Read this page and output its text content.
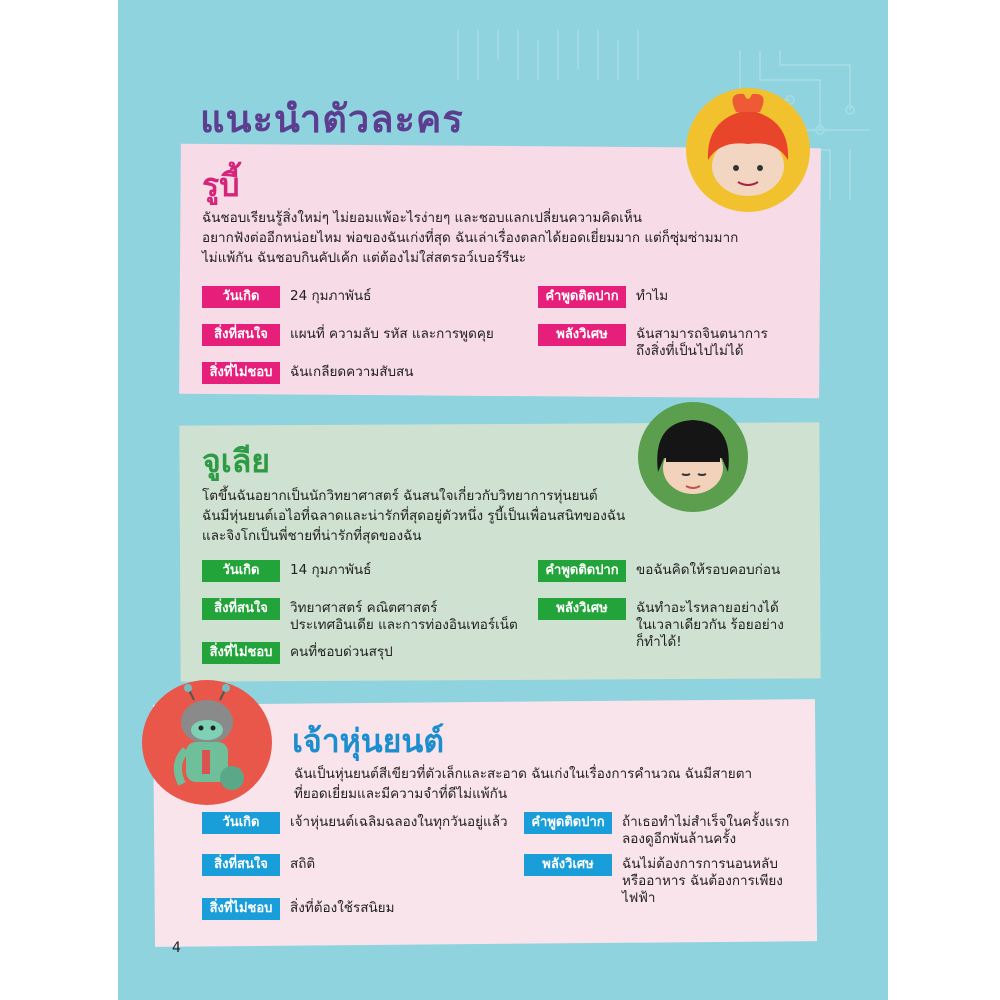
แนะนำตัวละคร
รูบี้
ฉันชอบเรียนรู้สิ่งใหม่ๆ ไม่ยอมแพ้อะไรง่ายๆ และชอบแลกเปลี่ยนความคิดเห็น
อยากฟังต่ออีกหน่อยไหม พ่อของฉันเก่งที่สุด ฉันเล่าเรื่องตลกได้ยอดเยี่ยมมาก แต่ก็ซุ่มซ่ามมาก
ไม่แพ้กัน ฉันชอบกินคัปเค้ก แต่ต้องไม่ใส่สตรอว์เบอร์รีนะ
วันเกิด	24 กุมภาพันธ์
สิ่งที่สนใจ	แผนที่ ความลับ รหัส และการพูดคุย
สิ่งที่ไม่ชอบ	ฉันเกลียดความสับสน
คำพูดติดปาก	ทำไม
พลังวิเศษ	ฉันสามารถจินตนาการ
ถึงสิ่งที่เป็นไปไม่ได้
จูเลีย
โตขึ้นฉันอยากเป็นนักวิทยาศาสตร์ ฉันสนใจเกี่ยวกับวิทยาการหุ่นยนต์
ฉันมีหุ่นยนต์เอไอที่ฉลาดและน่ารักที่สุดอยู่ตัวหนึ่ง รูบี้เป็นเพื่อนสนิทของฉัน
และจิงโกเป็นพี่ชายที่น่ารักที่สุดของฉัน
วันเกิด	14 กุมภาพันธ์
สิ่งที่สนใจ	วิทยาศาสตร์ คณิตศาสตร์
ประเทศอินเดีย และการท่องอินเทอร์เน็ต
สิ่งที่ไม่ชอบ	คนที่ชอบด่วนสรุป
คำพูดติดปาก	ขอฉันคิดให้รอบคอบก่อน
พลังวิเศษ	ฉันทำอะไรหลายอย่างได้
ในเวลาเดียวกัน ร้อยอย่าง
ก็ทำได้!
เจ้าหุ่นยนต์
ฉันเป็นหุ่นยนต์สีเขียวที่ตัวเล็กและสะอาด ฉันเก่งในเรื่องการคำนวณ ฉันมีสายตา
ที่ยอดเยี่ยมและมีความจำที่ดีไม่แพ้กัน
วันเกิด	เจ้าหุ่นยนต์เฉลิมฉลองในทุกวันอยู่แล้ว
สิ่งที่สนใจ	สถิติ
สิ่งที่ไม่ชอบ	สิ่งที่ต้องใช้รสนิยม
คำพูดติดปาก	ถ้าเธอทำไม่สำเร็จในครั้งแรก
ลองดูอีกพันล้านครั้ง
พลังวิเศษ	ฉันไม่ต้องการการนอนหลับ
หรืออาหาร ฉันต้องการเพียง
ไฟฟ้า
4
